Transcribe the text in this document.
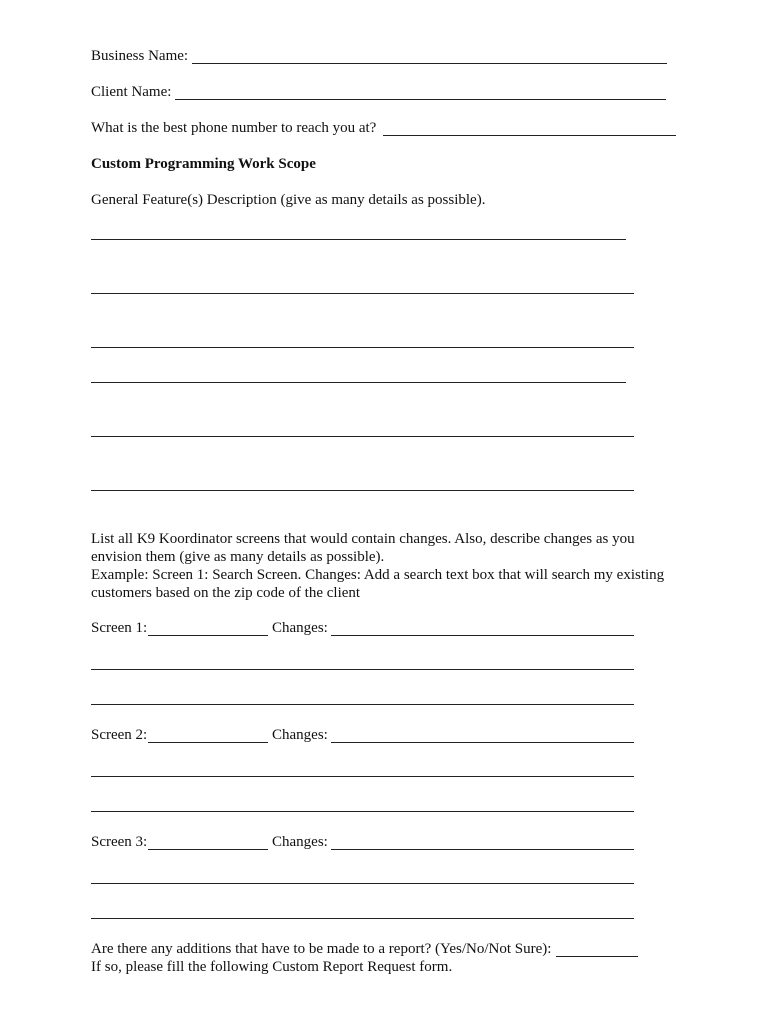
Business Name:
Client Name:
What is the best phone number to reach you at?
Custom Programming Work Scope
General Feature(s) Description (give as many details as possible).
List all K9 Koordinator screens that would contain changes. Also, describe changes as you
envision them (give as many details as possible).
Example: Screen 1: Search Screen. Changes: Add a search text box that will search my existing
customers based on the zip code of the client
Screen 1:	Changes:
Screen 2:	Changes:
Screen 3:	Changes:
Are there any additions that have to be made to a report? (Yes/No/Not Sure):
If so, please fill the following Custom Report Request form.
